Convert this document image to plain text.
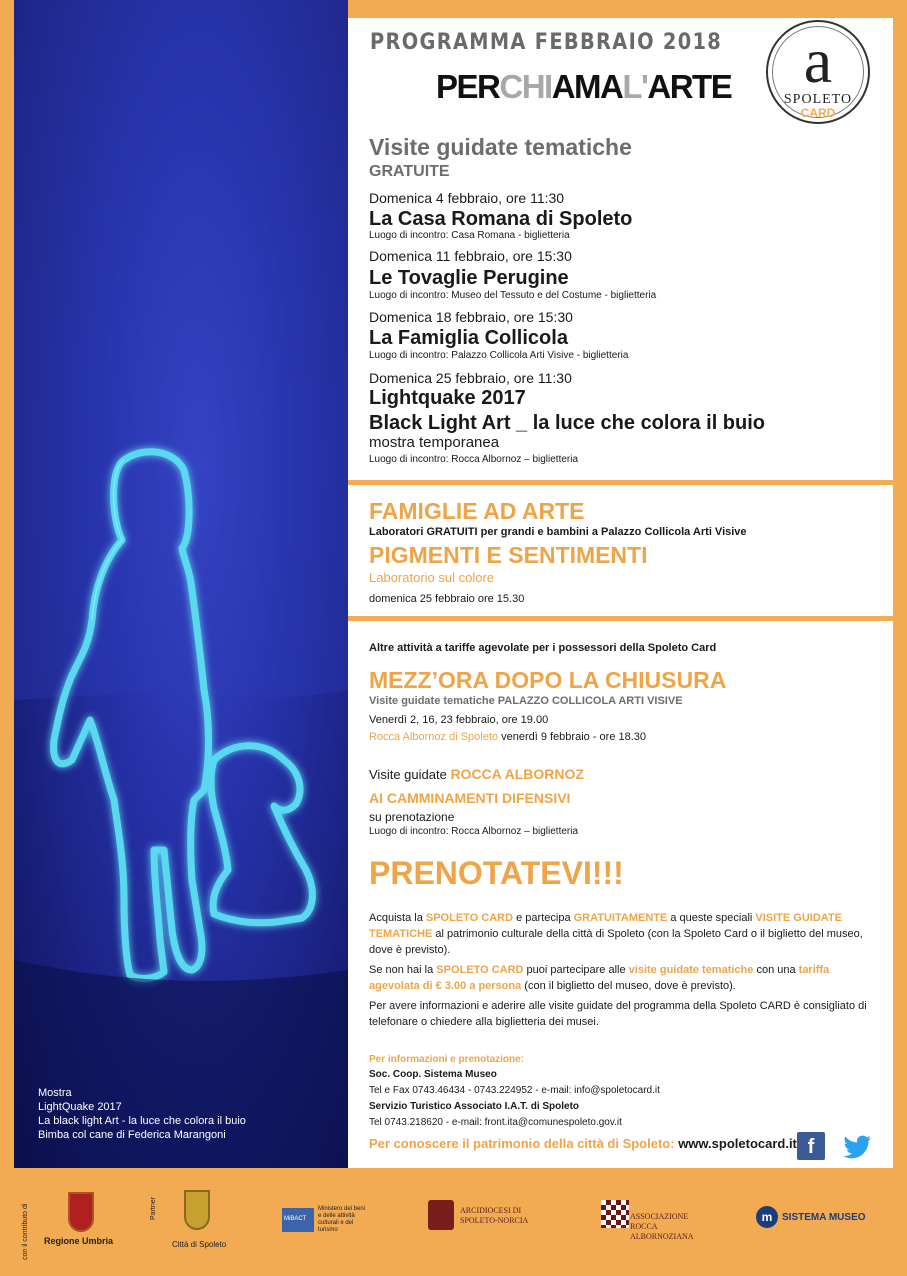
Mostra
LightQuake 2017
La black light Art - la luce che colora il buio
Bimba col cane di Federica Marangoni
PROGRAMMA FEBBRAIO 2018
PERCHIAMAL'ARTE	a
SPOLETO
CARD
Visite guidate tematiche
GRATUITE
Domenica 4 febbraio, ore 11:30
La Casa Romana di Spoleto
Luogo di incontro: Casa Romana - biglietteria
Domenica 11 febbraio, ore 15:30
Le Tovaglie Perugine
Luogo di incontro: Museo del Tessuto e del Costume - biglietteria
Domenica 18 febbraio, ore 15:30
La Famiglia Collicola
Luogo di incontro: Palazzo Collicola Arti Visive - biglietteria
Domenica 25 febbraio, ore 11:30
Lightquake 2017
Black Light Art _ la luce che colora il buio
mostra temporanea
Luogo di incontro: Rocca Albornoz – biglietteria
FAMIGLIE AD ARTE
Laboratori GRATUITI per grandi e bambini a Palazzo Collicola Arti Visive
PIGMENTI E SENTIMENTI
Laboratorio sul colore
domenica 25 febbraio ore 15.30
Altre attività a tariffe agevolate per i possessori della Spoleto Card
MEZZ’ORA DOPO LA CHIUSURA
Visite guidate tematiche PALAZZO COLLICOLA ARTI VISIVE
Venerdì 2, 16, 23 febbraio, ore 19.00
Rocca Albornoz di Spoleto venerdì 9 febbraio - ore 18.30
Visite guidate ROCCA ALBORNOZ
AI CAMMINAMENTI DIFENSIVI
su prenotazione
Luogo di incontro: Rocca Albornoz – biglietteria
PRENOTATEVI!!!
Acquista la SPOLETO CARD e partecipa GRATUITAMENTE a queste speciali VISITE GUIDATE TEMATICHE al patrimonio culturale della città di Spoleto (con la Spoleto Card o il biglietto del museo, dove è previsto).
Se non hai la SPOLETO CARD puoi partecipare alle visite guidate tematiche con una tariffa agevolata di € 3.00 a persona (con il biglietto del museo, dove è previsto).
Per avere informazioni e aderire alle visite guidate del programma della Spoleto CARD è consigliato di telefonare o chiedere alla biglietteria dei musei.
Per informazioni e prenotazione:
Soc. Coop. Sistema Museo
Tel e Fax 0743.46434 - 0743.224952 - e-mail: info@spoletocard.it
Servizio Turistico Associato I.A.T. di Spoleto
Tel 0743.218620 - e-mail: front.ita@comunespoleto.gov.it
Per conoscere il patrimonio della città di Spoleto: www.spoletocard.it f
con il contributo di Regione Umbria
Partner
Città di Spoleto
MiBACT
Ministero dei beni e delle attività culturali e del turismo
ARCIDIOCESI DI SPOLETO-NORCIA	ASSOCIAZIONE ROCCA ALBORNOZIANA
m SISTEMA MUSEO
